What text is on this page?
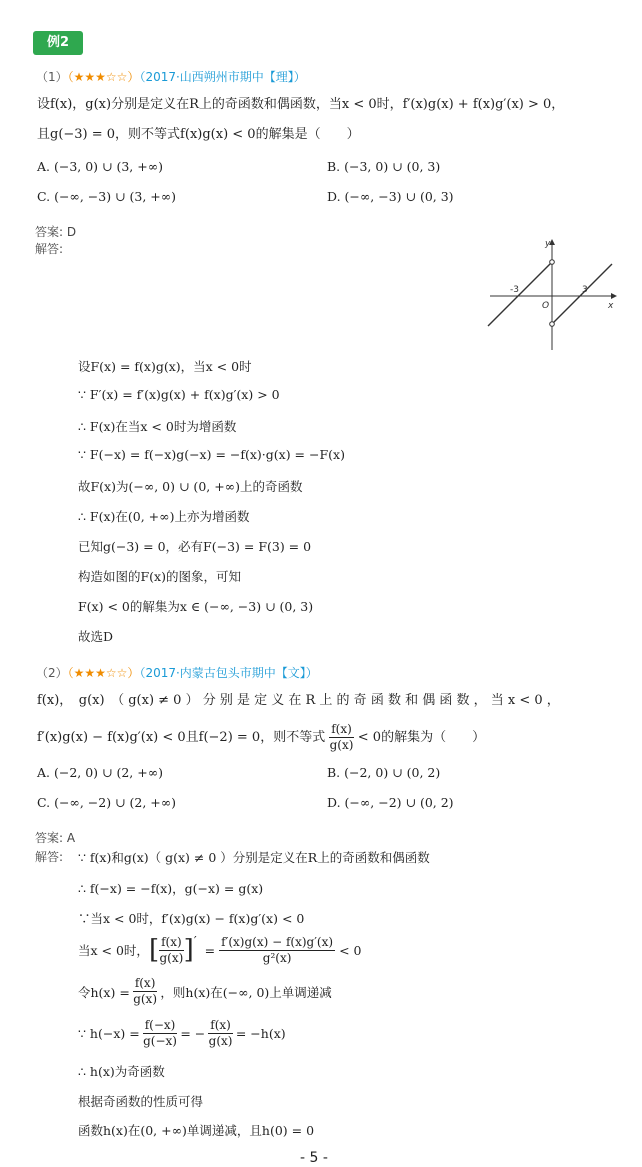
例2
（1）（★★★☆☆）（2017·山西朔州市期中【理】）
设f(x)，g(x)分别是定义在R上的奇函数和偶函数，当x < 0时，f′(x)g(x) + f(x)g′(x) > 0，
且g(−3) = 0，则不等式f(x)g(x) < 0的解集是（　　）
A. (−3, 0) ∪ (3, +∞)	B. (−3, 0) ∪ (0, 3)
C. (−∞, −3) ∪ (3, +∞)	D. (−∞, −3) ∪ (0, 3)
答案: D
解答:	y
x
O
-3	3
设F(x) = f(x)g(x)，当x < 0时
∵ F′(x) = f′(x)g(x) + f(x)g′(x) > 0
∴ F(x)在当x < 0时为增函数
∵ F(−x) = f(−x)g(−x) = −f(x)·g(x) = −F(x)
故F(x)为(−∞, 0) ∪ (0, +∞)上的奇函数
∴ F(x)在(0, +∞)上亦为增函数
已知g(−3) = 0，必有F(−3) = F(3) = 0
构造如图的F(x)的图象，可知
F(x) < 0的解集为x ∈ (−∞, −3) ∪ (0, 3)
故选D
（2）（★★★☆☆）（2017·内蒙古包头市期中【文】）
f(x)，　g(x)　（ g(x) ≠ 0 ） 分 别 是 定 义 在 R 上 的 奇 函 数 和 偶 函 数 ， 当 x < 0 ，
f′(x)g(x) − f(x)g′(x) < 0且f(−2) = 0，则不等式 $\frac{f(x)}{g(x)} < 0$的解集为（　　）
A. (−2, 0) ∪ (2, +∞)	B. (−2, 0) ∪ (0, 2)
C. (−∞, −2) ∪ (2, +∞)	D. (−∞, −2) ∪ (0, 2)
答案: A
解答: ∵ f(x)和g(x)（ g(x) ≠ 0 ）分别是定义在R上的奇函数和偶函数
∴ f(−x) = −f(x)，g(−x) = g(x)
∵当x < 0时，f′(x)g(x) − f(x)g′(x) < 0
当x < 0时， [ $\frac{f(x)}{g(x)}$ ] ′
= $\frac{f'(x)g(x) - f(x)g'(x)}{\text{g²(x)}} < 0$
令$h(x) = \frac{f(x)}{g(x)}$ ，则h(x)在(−∞, 0)上单调递减
∵ $h(-x) = \frac{f(-x)}{g(-x)}$ = − $\frac{f(x)}{g(x)} = -h(x)$
∴ h(x)为奇函数
根据奇函数的性质可得
函数h(x)在(0, +∞)单调递减，且h(0) = 0
- 5 -
